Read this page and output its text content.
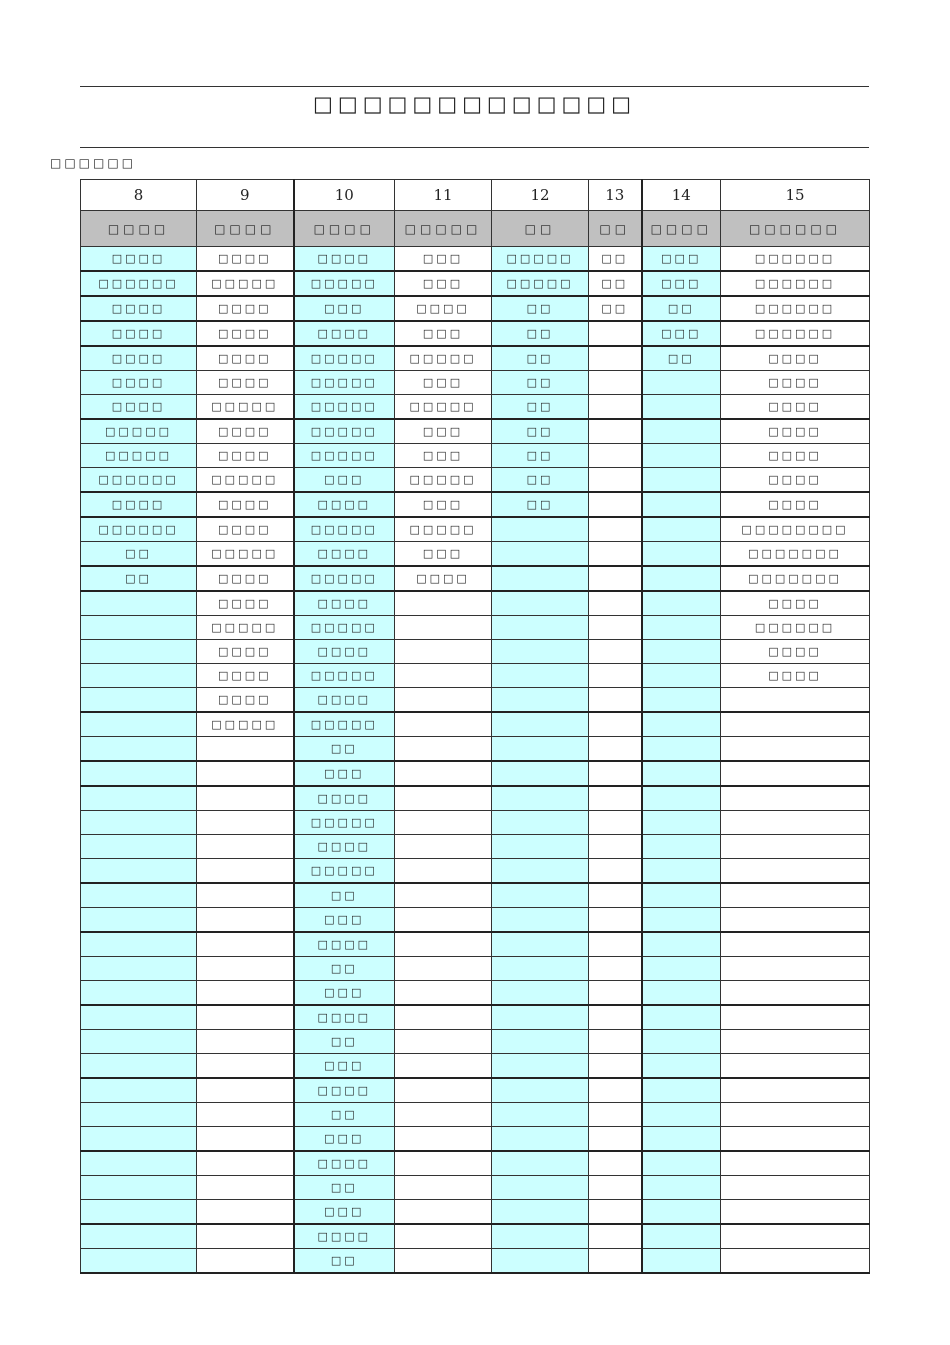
□□□□□□□□□□□□□
□□□□□□
8	9	10	11	12	13	14	15
□□□□	□□□□	□□□□	□□□□□	□□	□□	□□□□	□□□□□□
□□□□	□□□□	□□□□	□□□	□□□□□	□□	□□□	□□□□□□
□□□□□□	□□□□□	□□□□□	□□□	□□□□□	□□	□□□	□□□□□□
□□□□	□□□□	□□□	□□□□	□□	□□	□□	□□□□□□
□□□□	□□□□	□□□□	□□□	□□		□□□	□□□□□□
□□□□	□□□□	□□□□□	□□□□□	□□		□□	□□□□
□□□□	□□□□	□□□□□	□□□	□□			□□□□
□□□□	□□□□□	□□□□□	□□□□□	□□			□□□□
□□□□□	□□□□	□□□□□	□□□	□□			□□□□
□□□□□	□□□□	□□□□□	□□□	□□			□□□□
□□□□□□	□□□□□	□□□	□□□□□	□□			□□□□
□□□□	□□□□	□□□□	□□□	□□			□□□□
□□□□□□	□□□□	□□□□□	□□□□□				□□□□□□□□
□□	□□□□□	□□□□	□□□				□□□□□□□
□□	□□□□	□□□□□	□□□□				□□□□□□□
	□□□□	□□□□					□□□□
	□□□□□	□□□□□					□□□□□□
	□□□□	□□□□					□□□□
	□□□□	□□□□□					□□□□
	□□□□	□□□□					
	□□□□□	□□□□□					
		□□					
		□□□					
		□□□□					
		□□□□□					
		□□□□					
		□□□□□					
		□□					
		□□□					
		□□□□					
		□□					
		□□□					
		□□□□					
		□□					
		□□□					
		□□□□					
		□□					
		□□□					
		□□□□					
		□□					
		□□□					
		□□□□					
		□□					
